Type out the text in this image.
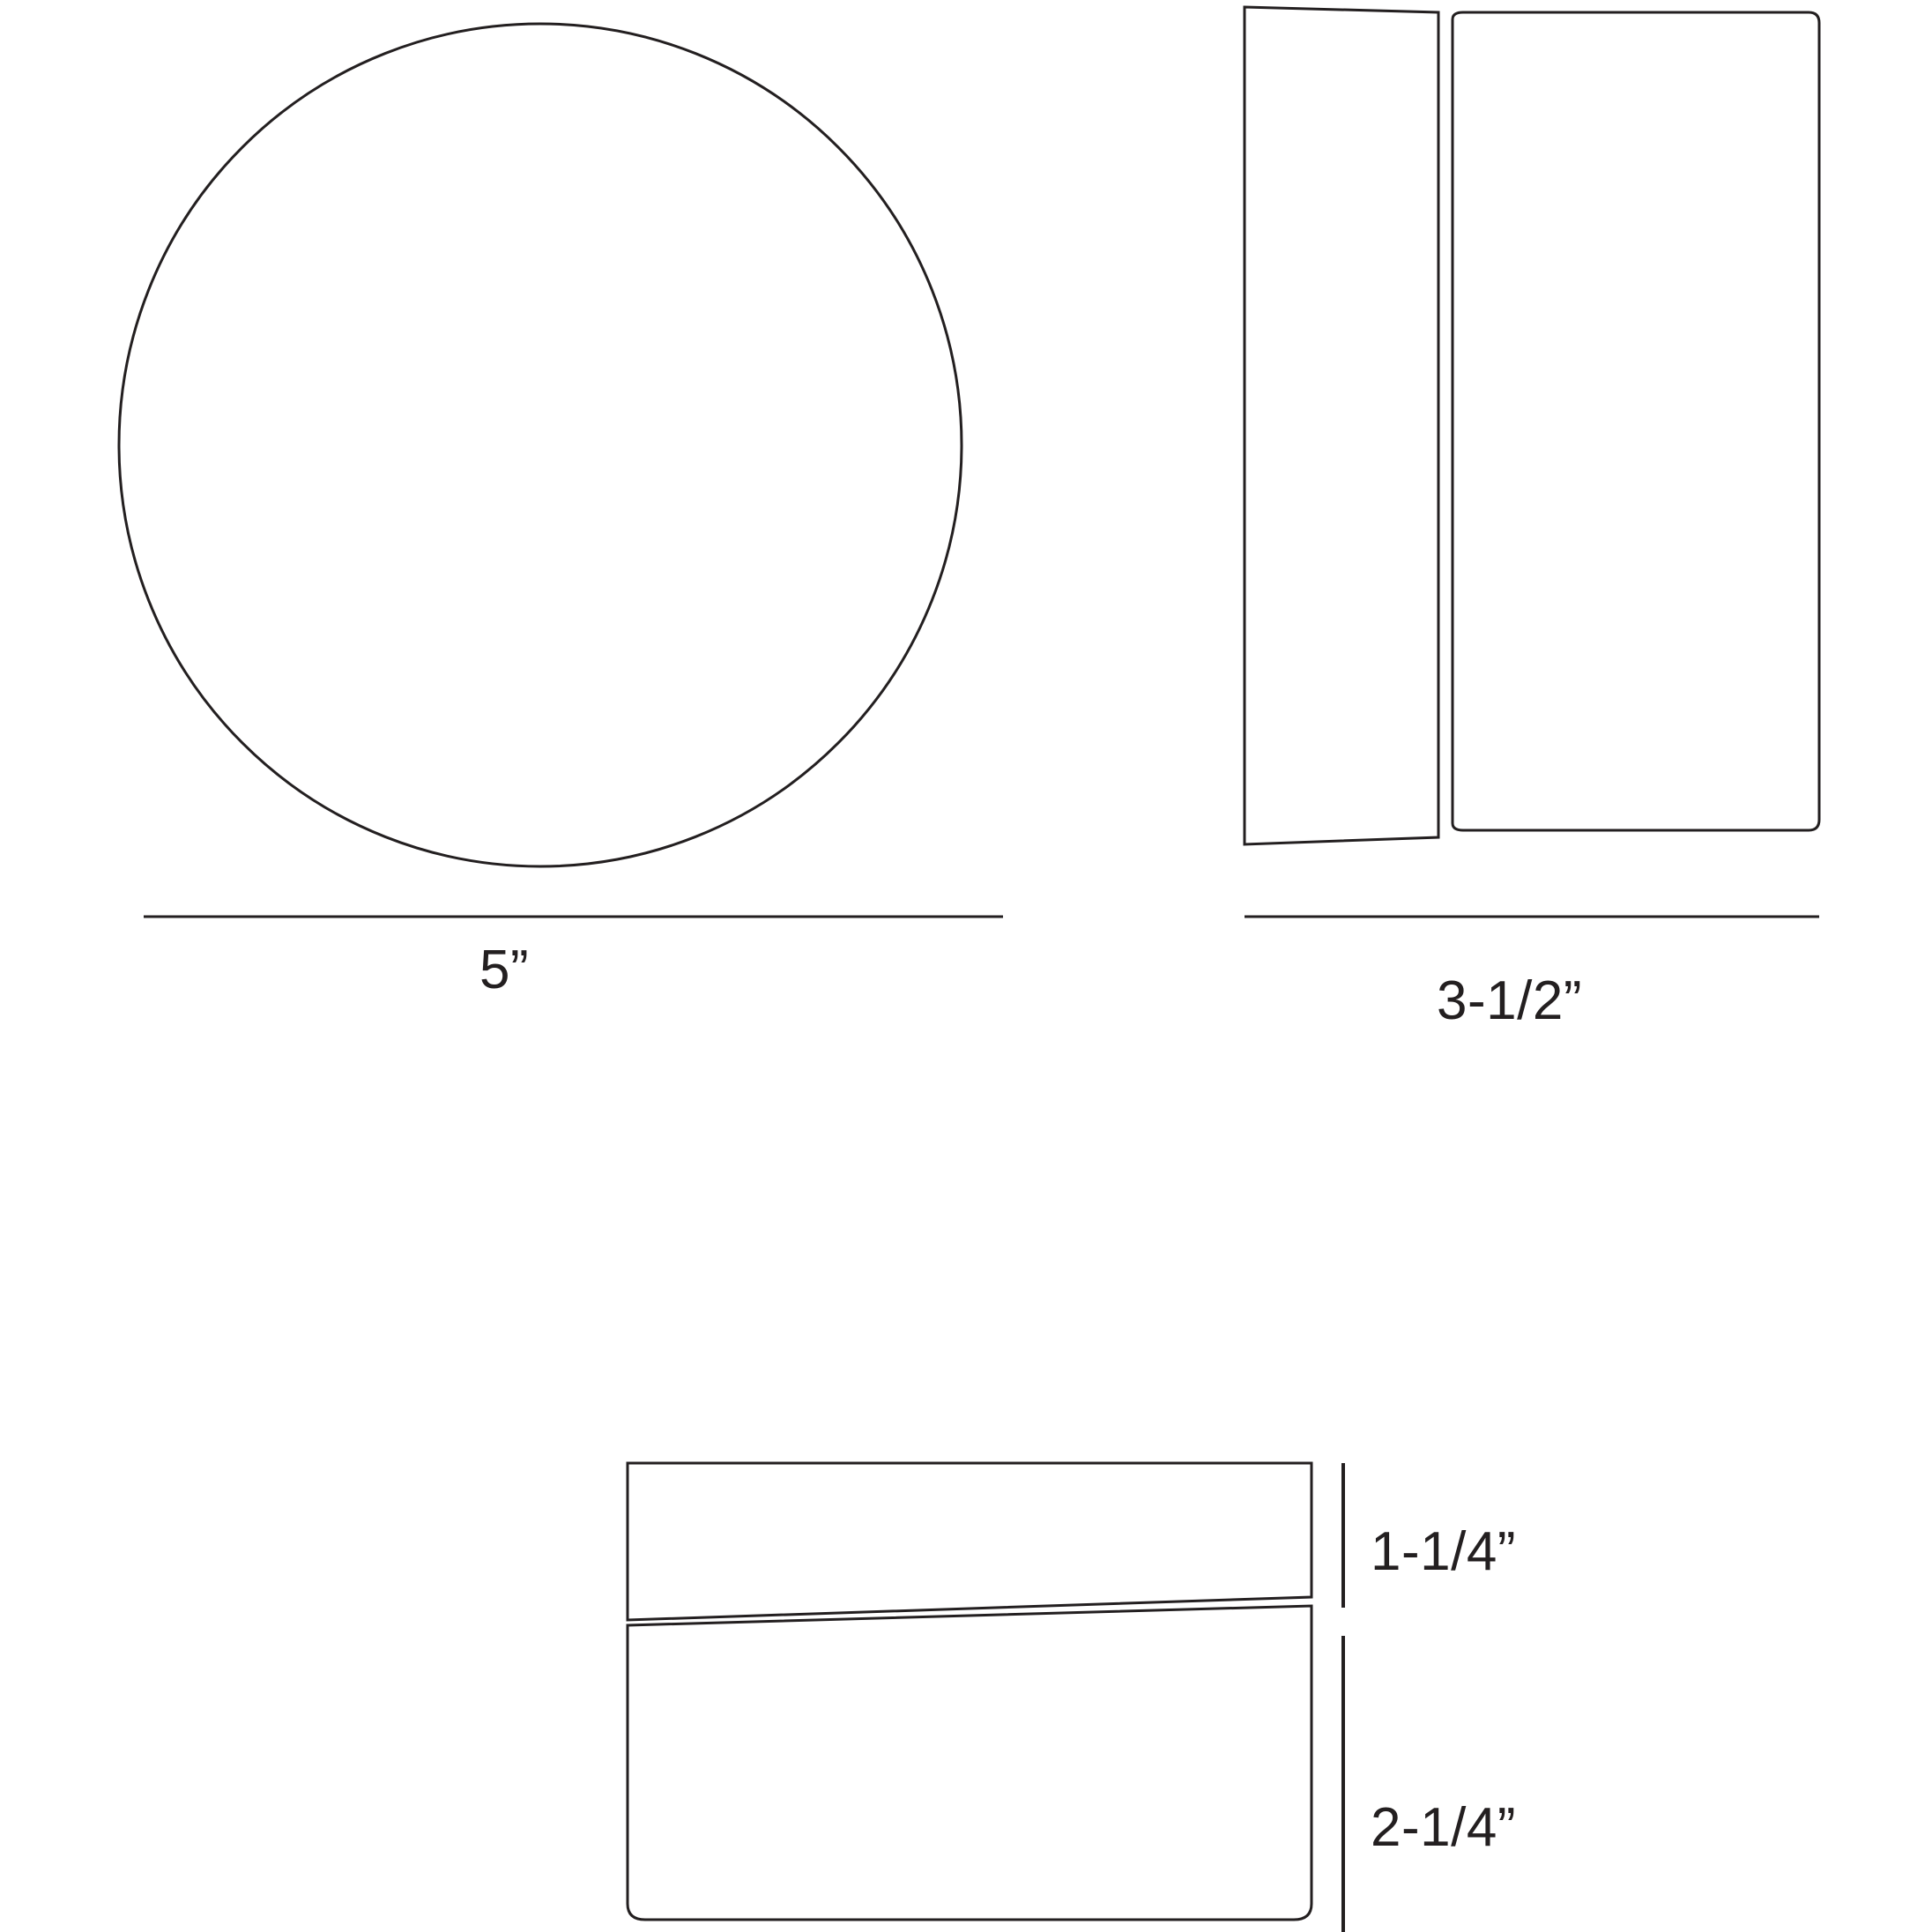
5”
3-1/2”
1-1/4”
2-1/4”
